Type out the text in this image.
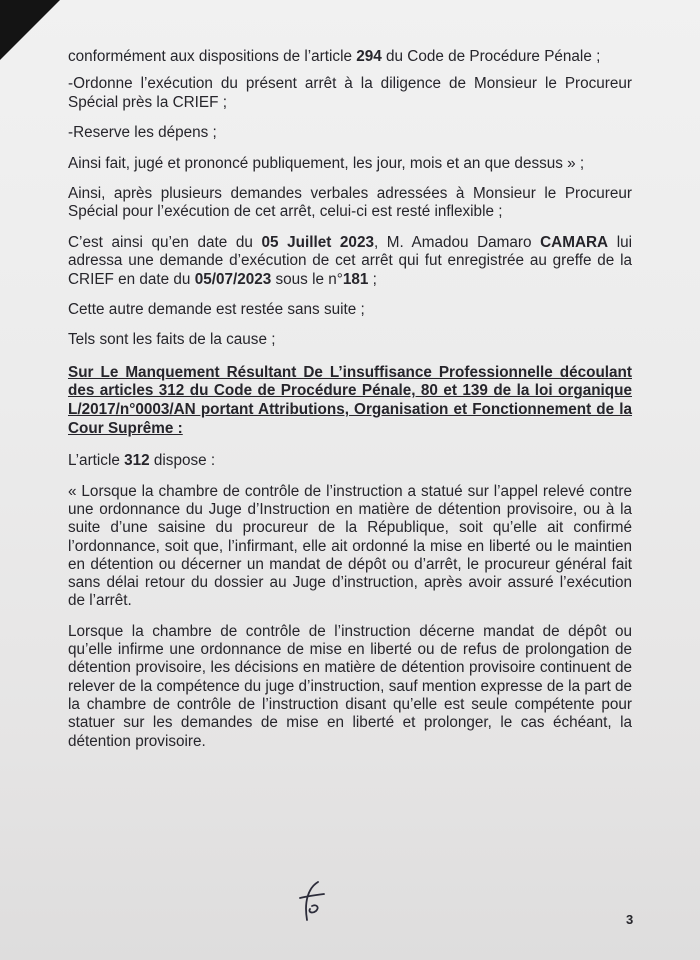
conformément aux dispositions de l’article 294 du Code de Procédure Pénale ;

-Ordonne l’exécution du présent arrêt à la diligence de Monsieur le Procureur Spécial près la CRIEF ;

-Reserve les dépens ;

Ainsi fait, jugé et prononcé publiquement, les jour, mois et an que dessus » ;

Ainsi, après plusieurs demandes verbales adressées à Monsieur le Procureur Spécial pour l’exécution de cet arrêt, celui-ci est resté inflexible ;

C’est ainsi qu’en date du 05 Juillet 2023, M. Amadou Damaro CAMARA lui adressa une demande d’exécution de cet arrêt qui fut enregistrée au greffe de la CRIEF en date du 05/07/2023 sous le n°181 ;

Cette autre demande est restée sans suite ;

Tels sont les faits de la cause ;

Sur Le Manquement Résultant De L’insuffisance Professionnelle découlant des articles 312 du Code de Procédure Pénale, 80 et 139 de la loi organique L/2017/n°0003/AN portant Attributions, Organisation et Fonctionnement de la Cour Suprême :

L’article 312 dispose :

« Lorsque la chambre de contrôle de l’instruction a statué sur l’appel relevé contre une ordonnance du Juge d’Instruction en matière de détention provisoire, ou à la suite d’une saisine du procureur de la République, soit qu’elle ait confirmé l’ordonnance, soit que, l’infirmant, elle ait ordonné la mise en liberté ou le maintien en détention ou décerner un mandat de dépôt ou d’arrêt, le procureur général fait sans délai retour du dossier au Juge d’instruction, après avoir assuré l’exécution de l’arrêt.

Lorsque la chambre de contrôle de l’instruction décerne mandat de dépôt ou qu’elle infirme une ordonnance de mise en liberté ou de refus de prolongation de détention provisoire, les décisions en matière de détention provisoire continuent de relever de la compétence du juge d’instruction, sauf mention expresse de la part de la chambre de contrôle de l’instruction disant qu’elle est seule compétente pour statuer sur les demandes de mise en liberté et prolonger, le cas échéant, la détention provisoire.

3
